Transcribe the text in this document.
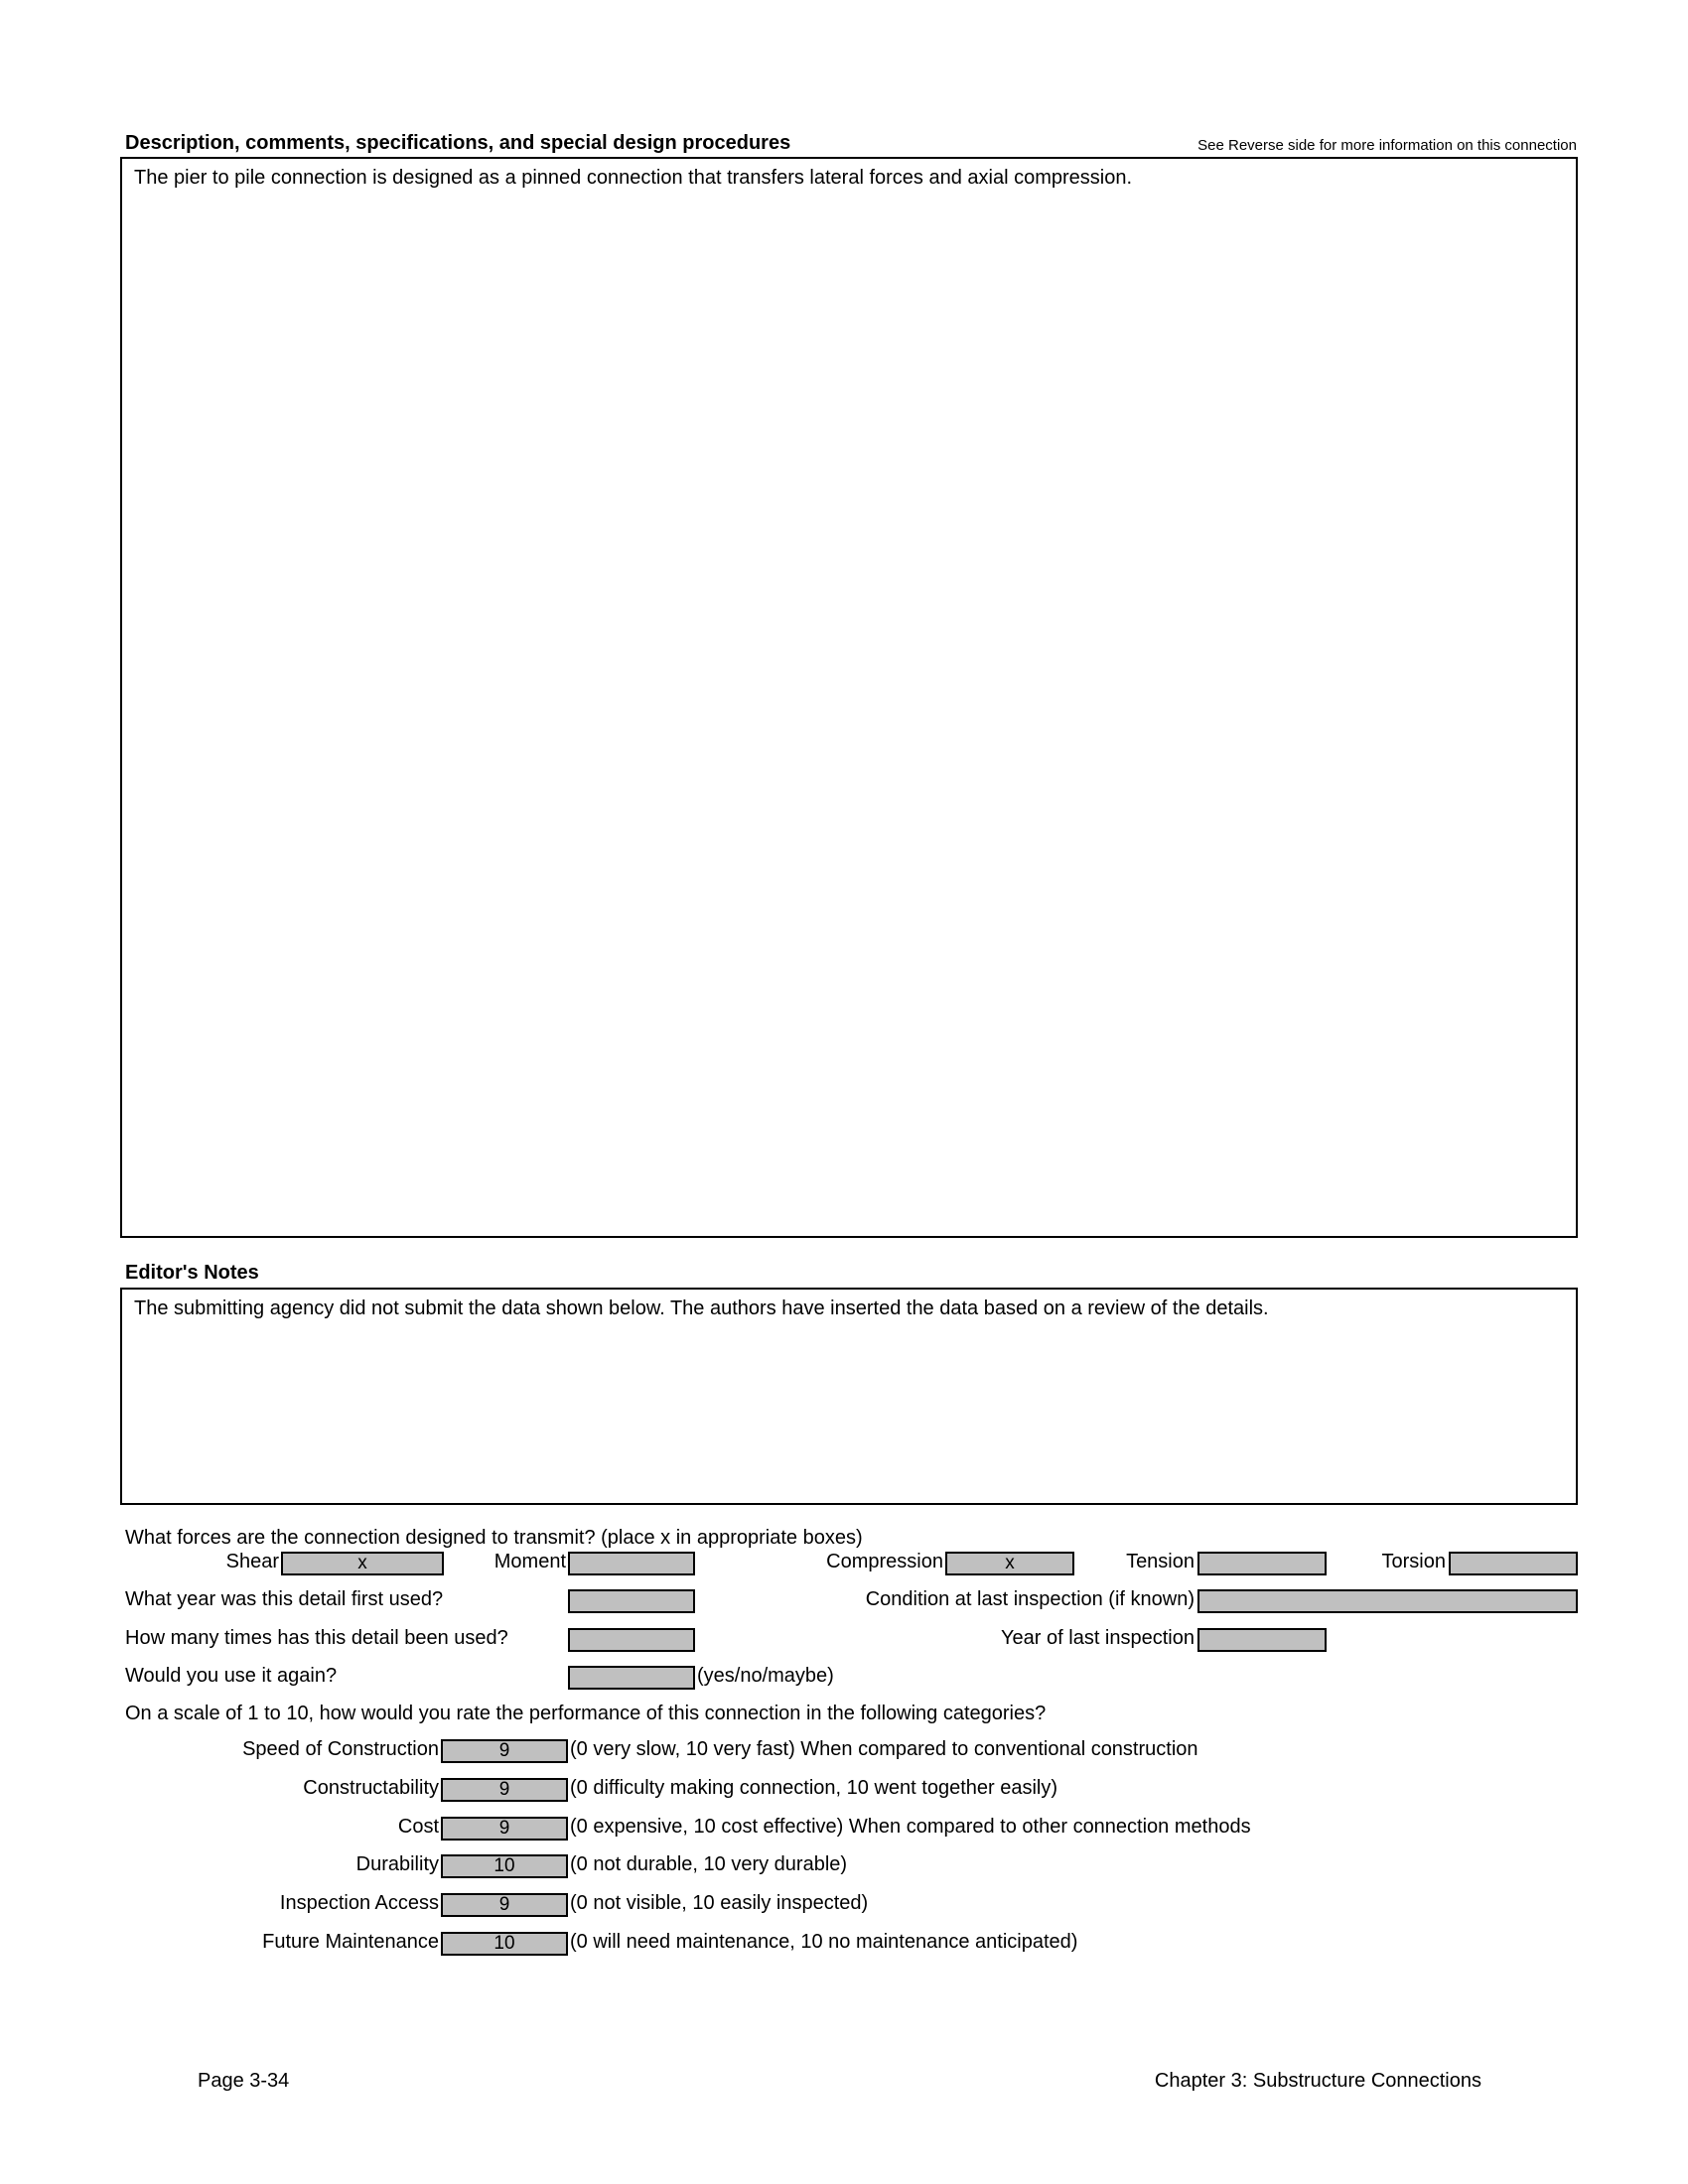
Description, comments, specifications, and special design procedures	See Reverse side for more information on this connection
The pier to pile connection is designed as a pinned connection that transfers lateral forces and axial compression.
Editor's Notes
The submitting agency did not submit the data shown below. The authors have inserted the data based on a review of the details.
What forces are the connection designed to transmit? (place x in appropriate boxes)
Shear	x	Moment	Compression	x	Tension	Torsion
What year was this detail first used?	Condition at last inspection (if known)
How many times has this detail been used?	Year of last inspection
Would you use it again?	(yes/no/maybe)
On a scale of 1 to 10, how would you rate the performance of this connection in the following categories?
Speed of Construction	9	(0 very slow, 10 very fast) When compared to conventional construction
Constructability	9	(0 difficulty making connection, 10 went together easily)
Cost	9	(0 expensive, 10 cost effective) When compared to other connection methods
Durability	10	(0 not durable, 10 very durable)
Inspection Access	9	(0 not visible, 10 easily inspected)
Future Maintenance	10	(0 will need maintenance, 10 no maintenance anticipated)
Page 3-34	Chapter 3: Substructure Connections
